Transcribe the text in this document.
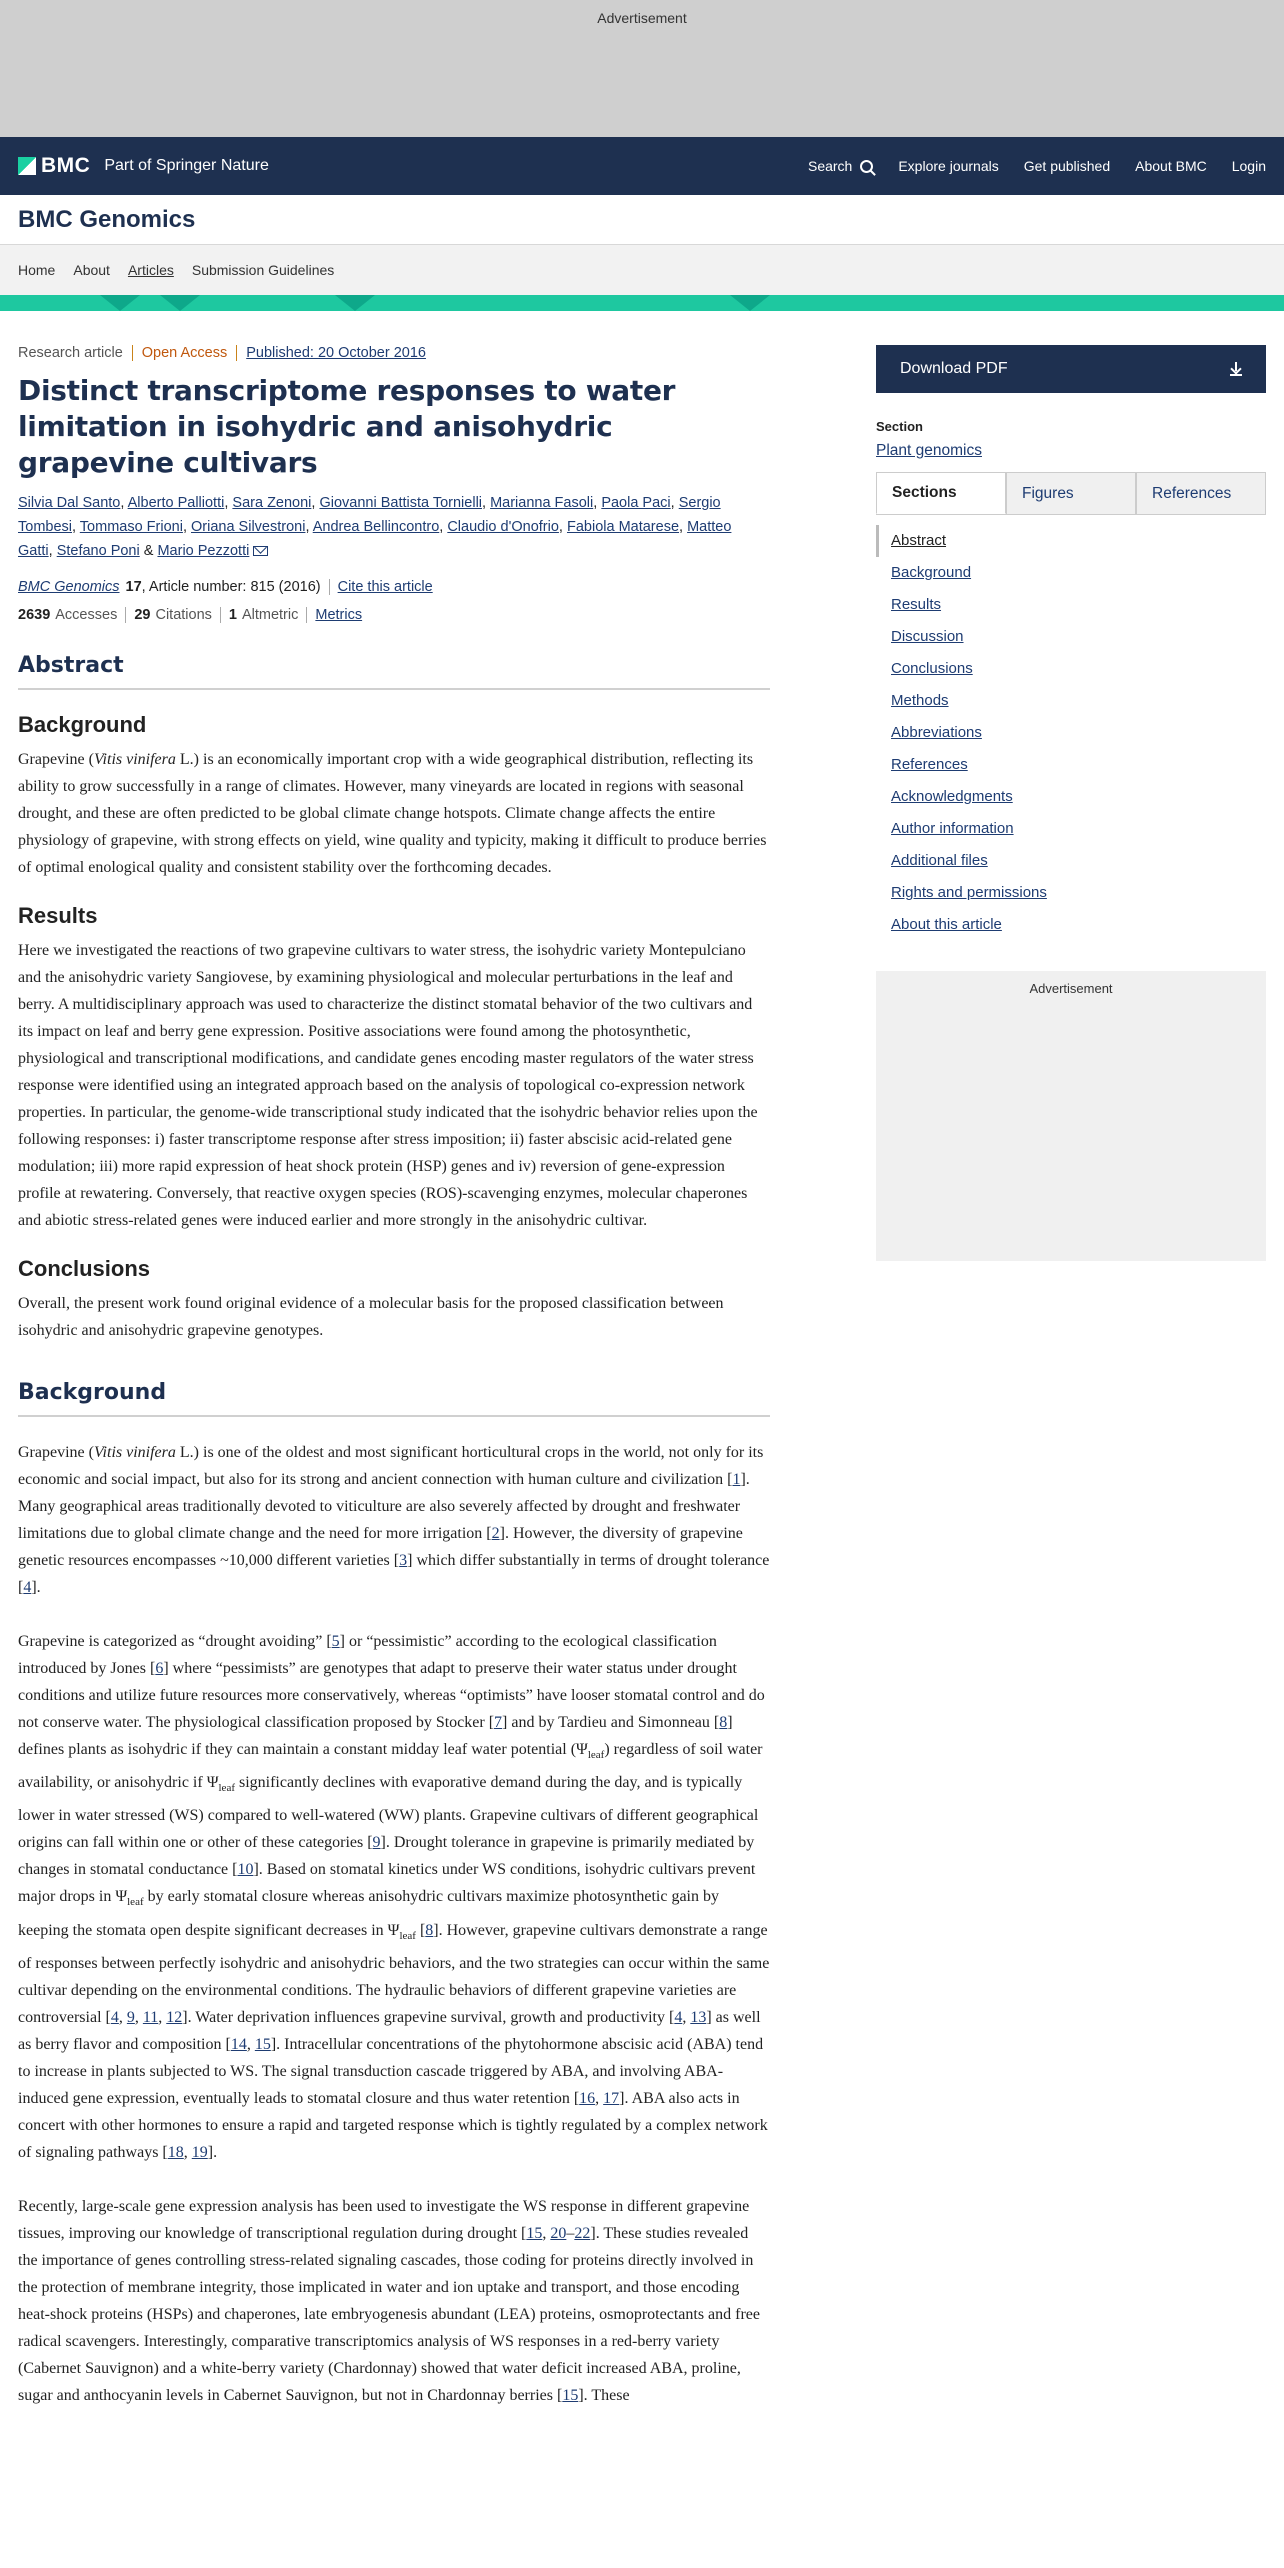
Advertisement
BMC Part of Springer Nature	Search	Explore journals Get published About BMC Login
BMC Genomics
Home About Articles Submission Guidelines
Research article Open Access Published: 20 October 2016
Distinct transcriptome responses to water limitation in isohydric and anisohydric grapevine cultivars
Silvia Dal Santo, Alberto Palliotti, Sara Zenoni, Giovanni Battista Tornielli, Marianna Fasoli, Paola Paci, Sergio Tombesi, Tommaso Frioni, Oriana Silvestroni, Andrea Bellincontro, Claudio d'Onofrio, Fabiola Matarese, Matteo Gatti, Stefano Poni & Mario Pezzotti
BMC Genomics 17 , Article number: 815 (2016) Cite this article
2639 Accesses 29 Citations 1 Altmetric Metrics
Abstract
Background

Grapevine (Vitis vinifera L.) is an economically important crop with a wide geographical distribution, reflecting its ability to grow successfully in a range of climates. However, many vineyards are located in regions with seasonal drought, and these are often predicted to be global climate change hotspots. Climate change affects the entire physiology of grapevine, with strong effects on yield, wine quality and typicity, making it difficult to produce berries of optimal enological quality and consistent stability over the forthcoming decades.

Results

Here we investigated the reactions of two grapevine cultivars to water stress, the isohydric variety Montepulciano and the anisohydric variety Sangiovese, by examining physiological and molecular perturbations in the leaf and berry. A multidisciplinary approach was used to characterize the distinct stomatal behavior of the two cultivars and its impact on leaf and berry gene expression. Positive associations were found among the photosynthetic, physiological and transcriptional modifications, and candidate genes encoding master regulators of the water stress response were identified using an integrated approach based on the analysis of topological co-expression network properties. In particular, the genome-wide transcriptional study indicated that the isohydric behavior relies upon the following responses: i) faster transcriptome response after stress imposition; ii) faster abscisic acid-related gene modulation; iii) more rapid expression of heat shock protein (HSP) genes and iv) reversion of gene-expression profile at rewatering. Conversely, that reactive oxygen species (ROS)-scavenging enzymes, molecular chaperones and abiotic stress-related genes were induced earlier and more strongly in the anisohydric cultivar.

Conclusions

Overall, the present work found original evidence of a molecular basis for the proposed classification between isohydric and anisohydric grapevine genotypes.

Background

Grapevine (Vitis vinifera L.) is one of the oldest and most significant horticultural crops in the world, not only for its economic and social impact, but also for its strong and ancient connection with human culture and civilization [1]. Many geographical areas traditionally devoted to viticulture are also severely affected by drought and freshwater limitations due to global climate change and the need for more irrigation [2]. However, the diversity of grapevine genetic resources encompasses ~10,000 different varieties [3] which differ substantially in terms of drought tolerance [4].

Grapevine is categorized as “drought avoiding” [5] or “pessimistic” according to the ecological classification introduced by Jones [6] where “pessimists” are genotypes that adapt to preserve their water status under drought conditions and utilize future resources more conservatively, whereas “optimists” have looser stomatal control and do not conserve water. The physiological classification proposed by Stocker [7] and by Tardieu and Simonneau [8] defines plants as isohydric if they can maintain a constant midday leaf water potential $(\Psi_{leaf})$ regardless of soil water availability, or anisohydric if $\Psi_{leaf}$ significantly declines with evaporative demand during the day, and is typically lower in water stressed (WS) compared to well-watered (WW) plants. Grapevine cultivars of different geographical origins can fall within one or other of these categories [9]. Drought tolerance in grapevine is primarily mediated by changes in stomatal conductance [10]. Based on stomatal kinetics under WS conditions, isohydric cultivars prevent major drops in $\Psi_{leaf}$ by early stomatal closure whereas anisohydric cultivars maximize photosynthetic gain by keeping the stomata open despite significant decreases in $\Psi_{leaf}$ [8]. However, grapevine cultivars demonstrate a range of responses between perfectly isohydric and anisohydric behaviors, and the two strategies can occur within the same cultivar depending on the environmental conditions. The hydraulic behaviors of different grapevine varieties are controversial [4, 9, 11, 12]. Water deprivation influences grapevine survival, growth and productivity [4, 13] as well as berry flavor and composition [14, 15]. Intracellular concentrations of the phytohormone abscisic acid (ABA) tend to increase in plants subjected to WS. The signal transduction cascade triggered by ABA, and involving ABA-induced gene expression, eventually leads to stomatal closure and thus water retention [16, 17]. ABA also acts in concert with other hormones to ensure a rapid and targeted response which is tightly regulated by a complex network of signaling pathways [18, 19].

Recently, large-scale gene expression analysis has been used to investigate the WS response in different grapevine tissues, improving our knowledge of transcriptional regulation during drought [15, 20–22]. These studies revealed the importance of genes controlling stress-related signaling cascades, those coding for proteins directly involved in the protection of membrane integrity, those implicated in water and ion uptake and transport, and those encoding heat-shock proteins (HSPs) and chaperones, late embryogenesis abundant (LEA) proteins, osmoprotectants and free radical scavengers. Interestingly, comparative transcriptomics analysis of WS responses in a red-berry variety (Cabernet Sauvignon) and a white-berry variety (Chardonnay) showed that water deficit increased ABA, proline, sugar and anthocyanin levels in Cabernet Sauvignon, but not in Chardonnay berries [15]. These

Download PDF
Section
Plant genomics
Sections	Figures	References
Abstract
Background
Results
Discussion
Conclusions
Methods
Abbreviations
References
Acknowledgments
Author information
Additional files
Rights and permissions
About this article
Advertisement
